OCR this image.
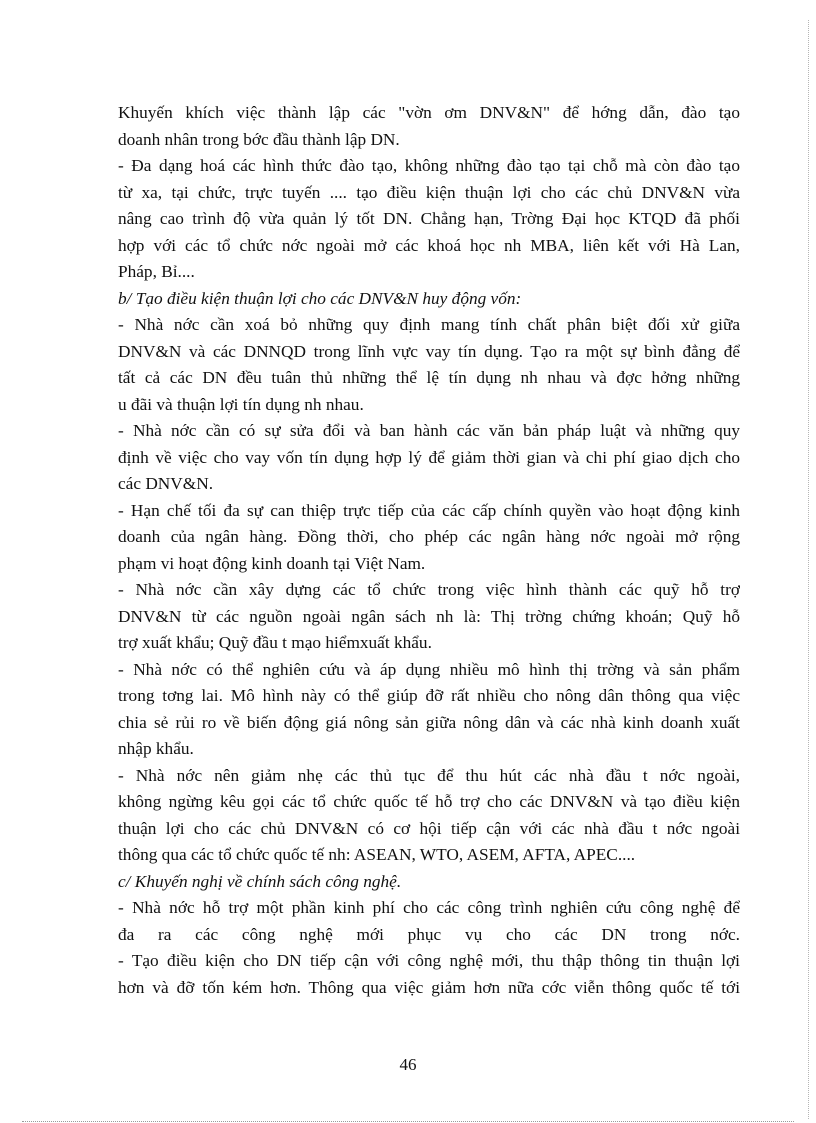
Khuyến khích việc thành lập các "vờn ơm DNV&N" để hớng dẫn, đào tạo
doanh nhân trong bớc đầu thành lập DN.
- Đa dạng hoá các hình thức đào tạo, không những đào tạo tại chỗ mà còn đào tạo
từ xa, tại chức, trực tuyến .... tạo điều kiện thuận lợi cho các chủ DNV&N vừa
nâng cao trình độ vừa quản lý tốt DN. Chẳng hạn, Trờng Đại học KTQD đã phối
hợp với các tổ chức nớc ngoài mở các khoá học nh MBA, liên kết với Hà Lan,
Pháp, Bỉ....
b/ Tạo điều kiện thuận lợi cho các DNV&N huy động vốn:
- Nhà nớc cần xoá bỏ những quy định mang tính chất phân biệt đối xử giữa
DNV&N và các DNNQD trong lĩnh vực vay tín dụng. Tạo ra một sự bình đẳng để
tất cả các DN đều tuân thủ những thể lệ tín dụng nh nhau và đợc hởng những
u đãi và thuận lợi tín dụng nh nhau.
- Nhà nớc cần có sự sửa đổi và ban hành các văn bản pháp luật và những quy
định về việc cho vay vốn tín dụng hợp lý để giảm thời gian và chi phí giao dịch cho
các DNV&N.
- Hạn chế tối đa sự can thiệp trực tiếp của các cấp chính quyền vào hoạt động kinh
doanh của ngân hàng. Đồng thời, cho phép các ngân hàng nớc ngoài mở rộng
phạm vi hoạt động kinh doanh tại Việt Nam.
- Nhà nớc cần xây dựng các tổ chức trong việc hình thành các quỹ hỗ trợ
DNV&N từ các nguồn ngoài ngân sách nh là: Thị trờng chứng khoán; Quỹ hỗ
trợ xuất khẩu; Quỹ đầu t mạo hiểmxuất khẩu.
- Nhà nớc có thể nghiên cứu và áp dụng nhiều mô hình thị trờng và sản phẩm
trong tơng lai. Mô hình này có thể giúp đỡ rất nhiều cho nông dân thông qua việc
chia sẻ rủi ro về biến động giá nông sản giữa nông dân và các nhà kinh doanh xuất
nhập khẩu.
- Nhà nớc nên giảm nhẹ các thủ tục để thu hút các nhà đầu t nớc ngoài,
không ngừng kêu gọi các tổ chức quốc tế hỗ trợ cho các DNV&N và tạo điều kiện
thuận lợi cho các chủ DNV&N có cơ hội tiếp cận với các nhà đầu t nớc ngoài
thông qua các tổ chức quốc tế nh: ASEAN, WTO, ASEM, AFTA, APEC....
c/ Khuyến nghị về chính sách công nghệ.
- Nhà nớc hỗ trợ một phần kinh phí cho các công trình nghiên cứu công nghệ để
đa ra các công nghệ mới phục vụ cho các DN trong nớc.
- Tạo điều kiện cho DN tiếp cận với công nghệ mới, thu thập thông tin thuận lợi
hơn và đỡ tốn kém hơn. Thông qua việc giảm hơn nữa cớc viễn thông quốc tế tới
46
